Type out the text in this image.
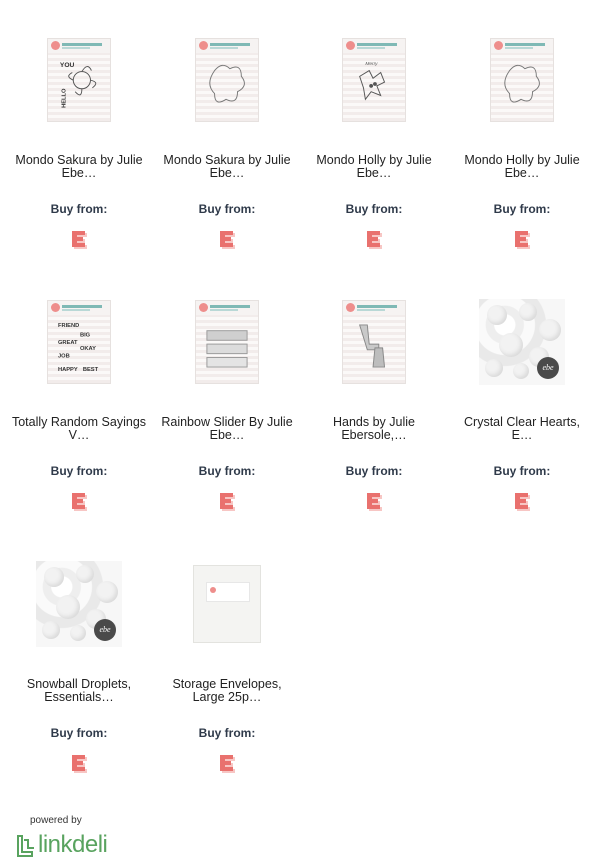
YOU
HELLO
Mondo Sakura by Julie Ebe…
Buy from:
Mondo Sakura by Julie Ebe…
Buy from:
Merry
Mondo Holly by Julie Ebe…
Buy from:
Mondo Holly by Julie Ebe…
Buy from:
FRIEND
BIG
GREAT
OKAY
JOB
HAPPY BEST
Totally Random Sayings V…
Buy from:
Rainbow Slider By Julie Ebe…
Buy from:
Hands by Julie Ebersole,…
Buy from:
ebe
Crystal Clear Hearts, E…
Buy from:
ebe
Snowball Droplets, Essentials…
Buy from:
Storage Envelopes, Large 25p…
Buy from:
powered by
linkdeli
